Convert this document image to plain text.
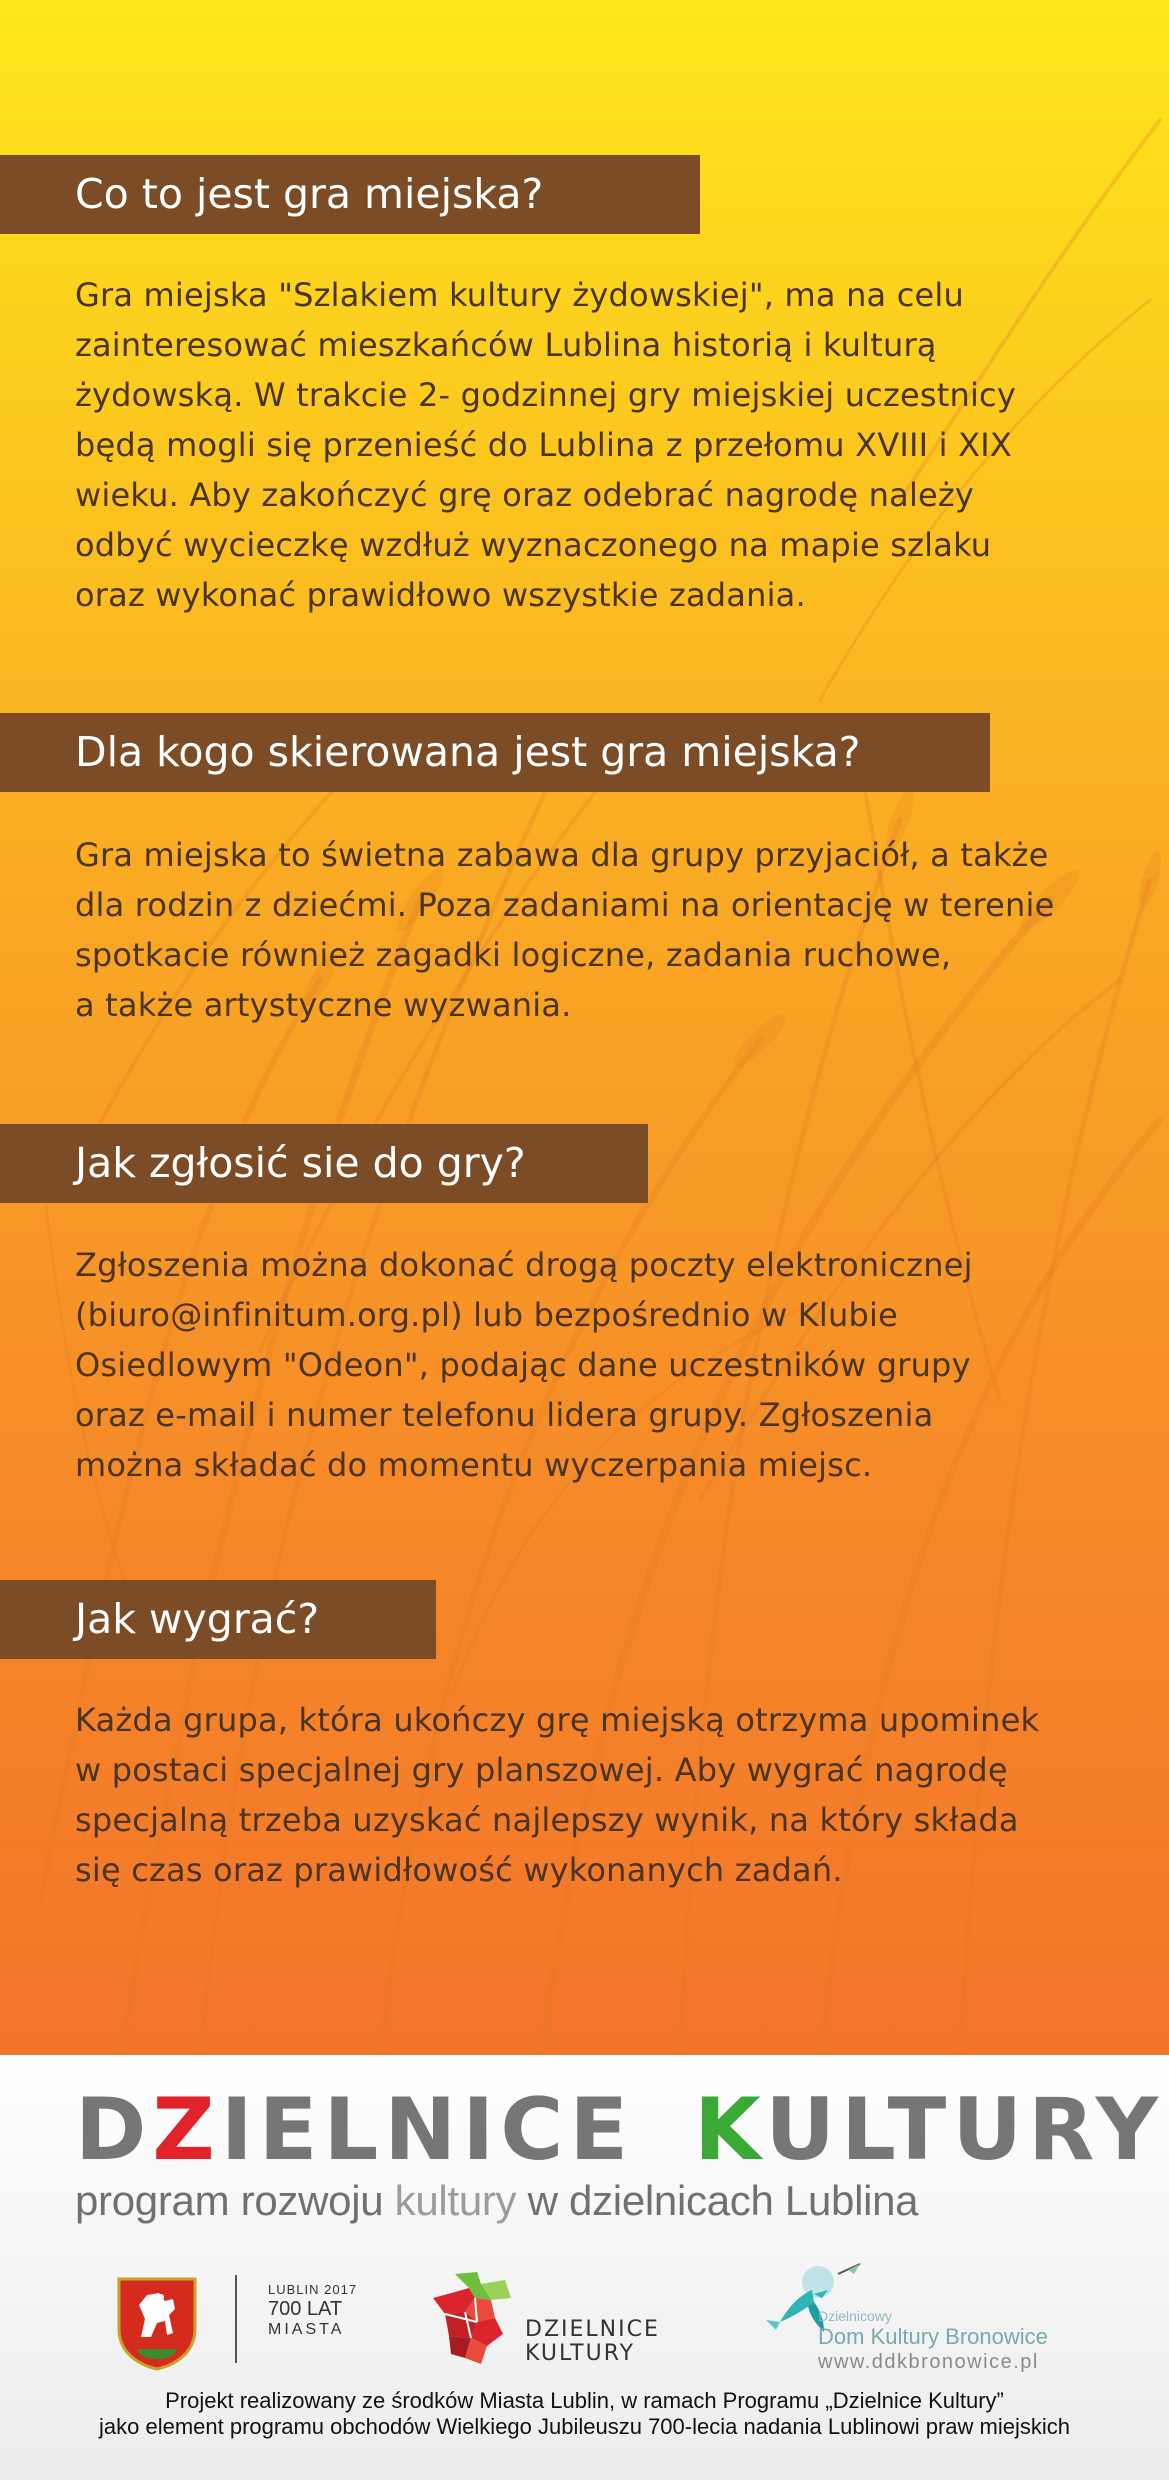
Co to jest gra miejska?
Gra miejska "Szlakiem kultury żydowskiej", ma na celu
zainteresować mieszkańców Lublina historią i kulturą
żydowską. W trakcie 2- godzinnej gry miejskiej uczestnicy
będą mogli się przenieść do Lublina z przełomu XVIII i XIX
wieku. Aby zakończyć grę oraz odebrać nagrodę należy
odbyć wycieczkę wzdłuż wyznaczonego na mapie szlaku
oraz wykonać prawidłowo wszystkie zadania.
Dla kogo skierowana jest gra miejska?
Gra miejska to świetna zabawa dla grupy przyjaciół, a także
dla rodzin z dziećmi. Poza zadaniami na orientację w terenie
spotkacie również zagadki logiczne, zadania ruchowe,
a także artystyczne wyzwania.
Jak zgłosić sie do gry?
Zgłoszenia można dokonać drogą poczty elektronicznej
(biuro@infinitum.org.pl) lub bezpośrednio w Klubie
Osiedlowym "Odeon", podając dane uczestników grupy
oraz e-mail i numer telefonu lidera grupy. Zgłoszenia
można składać do momentu wyczerpania miejsc.
Jak wygrać?
Każda grupa, która ukończy grę miejską otrzyma upominek
w postaci specjalnej gry planszowej. Aby wygrać nagrodę
specjalną trzeba uzyskać najlepszy wynik, na który składa
się czas oraz prawidłowość wykonanych zadań.
DZIELNICE KULTURY
program rozwoju kultury w dzielnicach Lublina
LUBLIN 2017
700 LAT
MIASTA	DZIELNICE
KULTURY
Dzielnicowy
Dom Kultury Bronowice
www.ddkbronowice.pl
Projekt realizowany ze środków Miasta Lublin, w ramach Programu „Dzielnice Kultury”
jako element programu obchodów Wielkiego Jubileuszu 700-lecia nadania Lublinowi praw miejskich
